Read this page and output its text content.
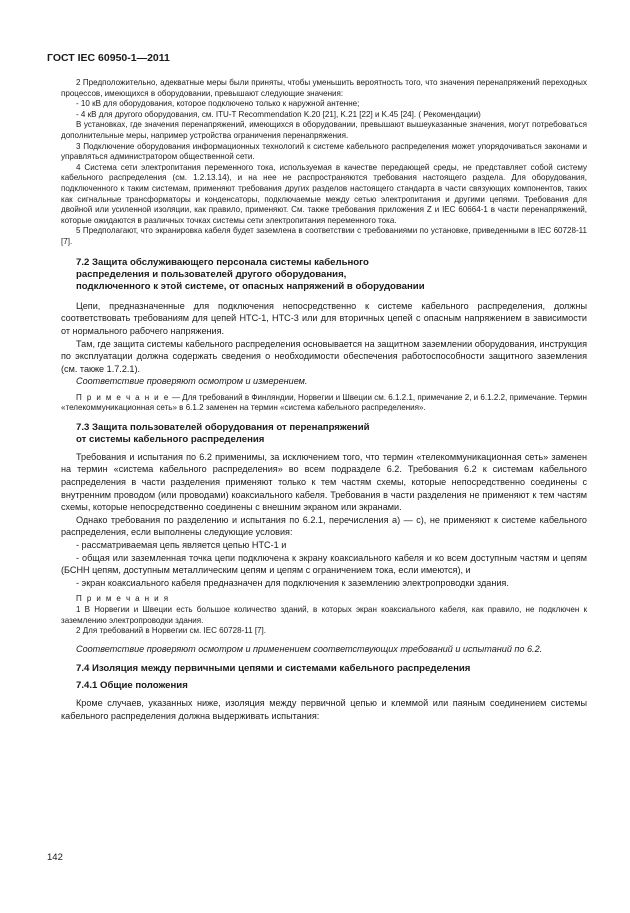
ГОСТ IEC 60950-1—2011

2 Предположительно, адекватные меры были приняты, чтобы уменьшить вероятность того, что значения перенапряжений переходных процессов, имеющихся в оборудовании, превышают следующие значения:

- 10 кВ для оборудования, которое подключено только к наружной антенне;

- 4 кВ для другого оборудования, см. ITU-T Recommendation K.20 [21], K.21 [22] и K.45 [24]. ( Рекомендации)

В установках, где значения перенапряжений, имеющихся в оборудовании, превышают вышеуказанные значения, могут потребоваться дополнительные меры, например устройства ограничения перенапряжения.

3 Подключение оборудования информационных технологий к системе кабельного распределения может упорядочиваться законами и управляться администратором общественной сети.

4 Система сети электропитания переменного тока, используемая в качестве передающей среды, не представляет собой систему кабельного распределения (см. 1.2.13.14), и на нее не распространяются требования настоящего раздела. Для оборудования, подключенного к таким системам, применяют требования других разделов настоящего стандарта в части связующих компонентов, таких как сигнальные трансформаторы и конденсаторы, подключаемые между сетью электропитания и другими цепями. Требования для двойной или усиленной изоляции, как правило, применяют. См. также требования приложения Z и IEC 60664-1 в части перенапряжений, которые ожидаются в различных точках системы сети электропитания переменного тока.

5 Предполагают, что экранировка кабеля будет заземлена в соответствии с требованиями по установке, приведенными в IEC 60728-11 [7].

7.2 Защита обслуживающего персонала системы кабельного

распределения и пользователей другого оборудования,

подключенного к этой системе, от опасных напряжений в оборудовании

Цепи, предназначенные для подключения непосредственно к системе кабельного распределения, должны соответствовать требованиям для цепей НТС-1, НТС-3 или для вторичных цепей с опасным напряжением в зависимости от нормального рабочего напряжения.

Там, где защита системы кабельного распределения основывается на защитном заземлении оборудования, инструкция по эксплуатации должна содержать сведения о необходимости обеспечения работоспособности защитного заземления (см. также 1.7.2.1).

Соответствие проверяют осмотром и измерением.

П р и м е ч а н и е — Для требований в Финляндии, Норвегии и Швеции см. 6.1.2.1, примечание 2, и 6.1.2.2, примечание. Термин «телекоммуникационная сеть» в 6.1.2 заменен на термин «система кабельного распределения».

7.3 Защита пользователей оборудования от перенапряжений

от системы кабельного распределения

Требования и испытания по 6.2 применимы, за исключением того, что термин «телекоммуникационная сеть» заменен на термин «система кабельного распределения» во всем подразделе 6.2. Требования 6.2 к системам кабельного распределения в части разделения применяют только к тем частям схемы, которые непосредственно соединены с внутренним проводом (или проводами) коаксиального кабеля. Требования в части разделения не применяют к тем частям схемы, которые непосредственно соединены с внешним экраном или экранами.

Однако требования по разделению и испытания по 6.2.1, перечисления а) — с), не применяют к системе кабельного распределения, если выполнены следующие условия:

- рассматриваемая цепь является цепью НТС-1 и

- общая или заземленная точка цепи подключена к экрану коаксиального кабеля и ко всем доступным частям и цепям (БСНН цепям, доступным металлическим цепям и цепям с ограничением тока, если имеются), и

- экран коаксиального кабеля предназначен для подключения к заземлению электропроводки здания.

П р и м е ч а н и я

1 В Норвегии и Швеции есть большое количество зданий, в которых экран коаксиального кабеля, как правило, не подключен к заземлению электропроводки здания.

2 Для требований в Норвегии см. IEC 60728-11 [7].

Соответствие проверяют осмотром и применением соответствующих требований и испытаний по 6.2.

7.4 Изоляция между первичными цепями и системами кабельного распределения

7.4.1 Общие положения

Кроме случаев, указанных ниже, изоляция между первичной цепью и клеммой или паяным соединением системы кабельного распределения должна выдерживать испытания:

142
